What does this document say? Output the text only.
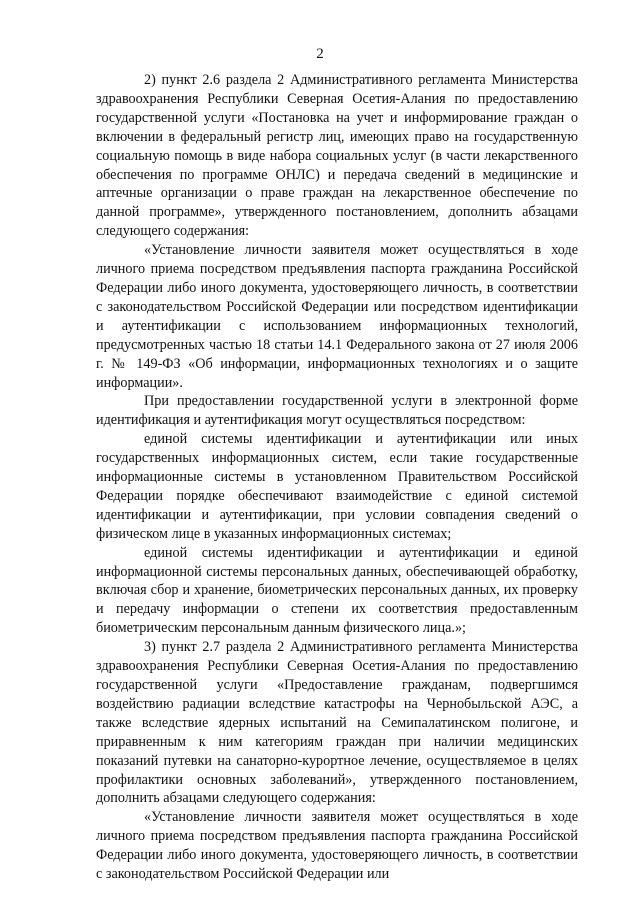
2

2) пункт 2.6 раздела 2 Административного регламента Министерства здравоохранения Республики Северная Осетия-Алания по предоставлению государственной услуги «Постановка на учет и информирование граждан о включении в федеральный регистр лиц, имеющих право на государственную социальную помощь в виде набора социальных услуг (в части лекарственного обеспечения по программе ОНЛС) и передача сведений в медицинские и аптечные организации о праве граждан на лекарственное обеспечение по данной программе», утвержденного постановлением, дополнить абзацами следующего содержания:

«Установление личности заявителя может осуществляться в ходе личного приема посредством предъявления паспорта гражданина Российской Федерации либо иного документа, удостоверяющего личность, в соответствии с законодательством Российской Федерации или посредством идентификации и аутентификации с использованием информационных технологий, предусмотренных частью 18 статьи 14.1 Федерального закона от 27 июля 2006 г. № 149-ФЗ «Об информации, информационных технологиях и о защите информации».

При предоставлении государственной услуги в электронной форме идентификация и аутентификация могут осуществляться посредством:

единой системы идентификации и аутентификации или иных государственных информационных систем, если такие государственные информационные системы в установленном Правительством Российской Федерации порядке обеспечивают взаимодействие с единой системой идентификации и аутентификации, при условии совпадения сведений о физическом лице в указанных информационных системах;

единой системы идентификации и аутентификации и единой информационной системы персональных данных, обеспечивающей обработку, включая сбор и хранение, биометрических персональных данных, их проверку и передачу информации о степени их соответствия предоставленным биометрическим персональным данным физического лица.»;

3) пункт 2.7 раздела 2 Административного регламента Министерства здравоохранения Республики Северная Осетия-Алания по предоставлению государственной услуги «Предоставление гражданам, подвергшимся воздействию радиации вследствие катастрофы на Чернобыльской АЭС, а также вследствие ядерных испытаний на Семипалатинском полигоне, и приравненным к ним категориям граждан при наличии медицинских показаний путевки на санаторно-курортное лечение, осуществляемое в целях профилактики основных заболеваний», утвержденного постановлением, дополнить абзацами следующего содержания:

«Установление личности заявителя может осуществляться в ходе личного приема посредством предъявления паспорта гражданина Российской Федерации либо иного документа, удостоверяющего личность, в соответствии с законодательством Российской Федерации или
